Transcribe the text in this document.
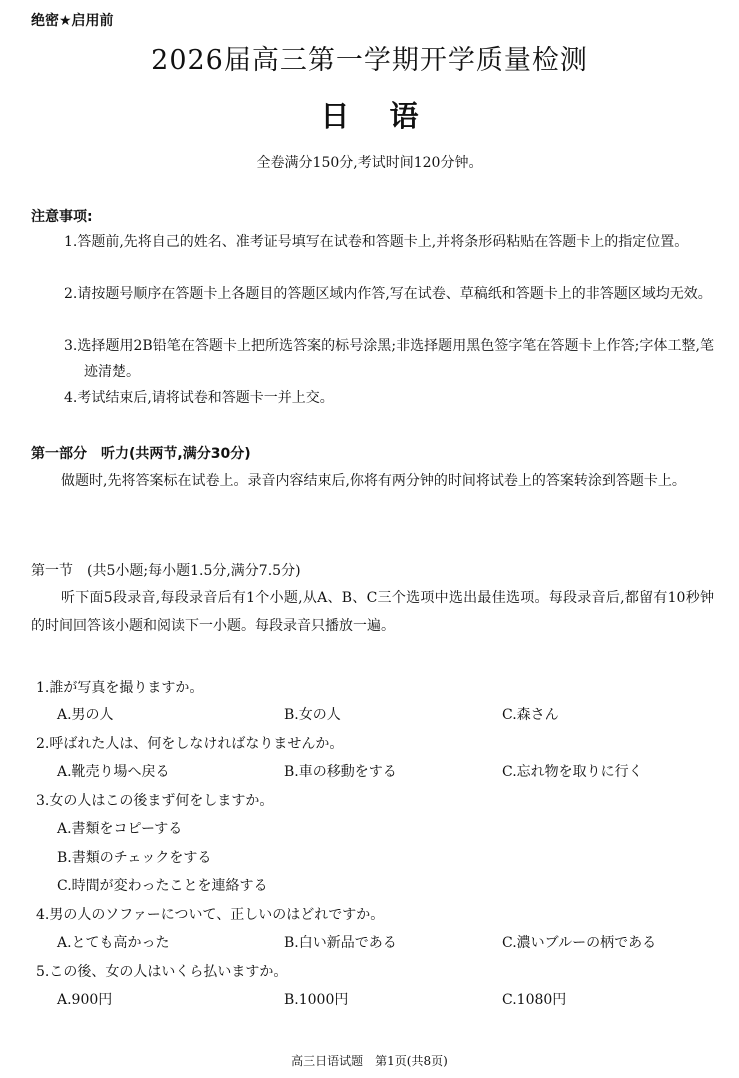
绝密★启用前
2026届高三第一学期开学质量检测
日语
全卷满分150分,考试时间120分钟。
注意事项:
1.答题前,先将自己的姓名、准考证号填写在试卷和答题卡上,并将条形码粘贴在答题卡上的指定位置。
2.请按题号顺序在答题卡上各题目的答题区域内作答,写在试卷、草稿纸和答题卡上的非答题区域均无效。
3.选择题用2B铅笔在答题卡上把所选答案的标号涂黑;非选择题用黑色签字笔在答题卡上作答;字体工整,笔迹清楚。
4.考试结束后,请将试卷和答题卡一并上交。
第一部分　听力(共两节,满分30分)
做题时,先将答案标在试卷上。录音内容结束后,你将有两分钟的时间将试卷上的答案转涂到答题卡上。
第一节　(共5小题;每小题1.5分,满分7.5分)
听下面5段录音,每段录音后有1个小题,从A、B、C三个选项中选出最佳选项。每段录音后,都留有10秒钟的时间回答该小题和阅读下一小题。每段录音只播放一遍。
1.誰が写真を撮りますか。
A.男の人	B.女の人	C.森さん
2.呼ばれた人は、何をしなければなりませんか。
A.靴売り場へ戻る	B.車の移動をする	C.忘れ物を取りに行く
3.女の人はこの後まず何をしますか。
A.書類をコピーする
B.書類のチェックをする
C.時間が変わったことを連絡する
4.男の人のソファーについて、正しいのはどれですか。
A.とても高かった	B.白い新品である	C.濃いブルーの柄である
5.この後、女の人はいくら払いますか。
A.900円	B.1000円	C.1080円
高三日语试题　第1页(共8页)
